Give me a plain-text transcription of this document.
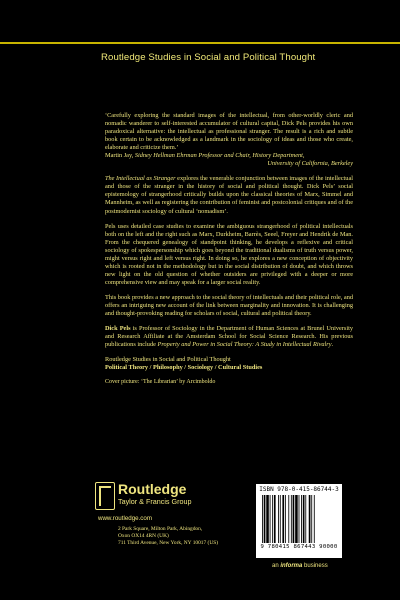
Routledge Studies in Social and Political Thought

‘Carefully exploring the standard images of the intellectual, from other-worldly cleric and nomadic wanderer to self-interested accumulator of cultural capital, Dick Pels provides his own paradoxical alternative: the intellectual as professional stranger. The result is a rich and subtle book certain to be acknowledged as a landmark in the sociology of ideas and those who create, elaborate and criticize them.’
Martin Jay, Sidney Hellman Ehrman Professor and Chair, History Department,
University of California, Berkeley

The Intellectual as Stranger explores the venerable conjunction between images of the intellectual and those of the stranger in the history of social and political thought. Dick Pels’ social epistemology of strangerhood critically builds upon the classical theories of Marx, Simmel and Mannheim, as well as registering the contribution of feminist and postcolonial critiques and of the postmodernist sociology of cultural ‘nomadism’.

Pels uses detailed case studies to examine the ambiguous strangerhood of political intellectuals both on the left and the right such as Marx, Durkheim, Barrès, Seeel, Freyer and Hendrik de Man. From the chequered genealogy of standpoint thinking, he develops a reflexive and critical sociology of spokespersonship which goes beyond the traditional dualisms of truth versus power, might versus right and left versus right. In doing so, he explores a new conception of objectivity which is rooted not in the methodology but in the social distribution of doubt, and which throws new light on the old question of whether outsiders are privileged with a deeper or more comprehensive view and may speak for a larger social reality.

This book provides a new approach to the social theory of intellectuals and their political role, and offers an intriguing new account of the link between marginality and innovation. It is challenging and thought-provoking reading for scholars of social, cultural and political theory.

Dick Pels is Professor of Sociology in the Department of Human Sciences at Brunel University and Research Affiliate at the Amsterdam School for Social Science Research. His previous publications include Property and Power in Social Theory: A Study in Intellectual Rivalry.

Routledge Studies in Social and Political Thought
Political Theory / Philosophy / Sociology / Cultural Studies
Cover picture: ‘The Librarian’ by Arcimboldo
Routledge
Taylor & Francis Group
www.routledge.com
2 Park Square, Milton Park, Abingdon,
Oxon OX14 4RN (UK)
711 Third Avenue, New York, NY 10017 (US)
ISBN 978-0-415-86744-3
9 780415 867443 90000
an informa business
